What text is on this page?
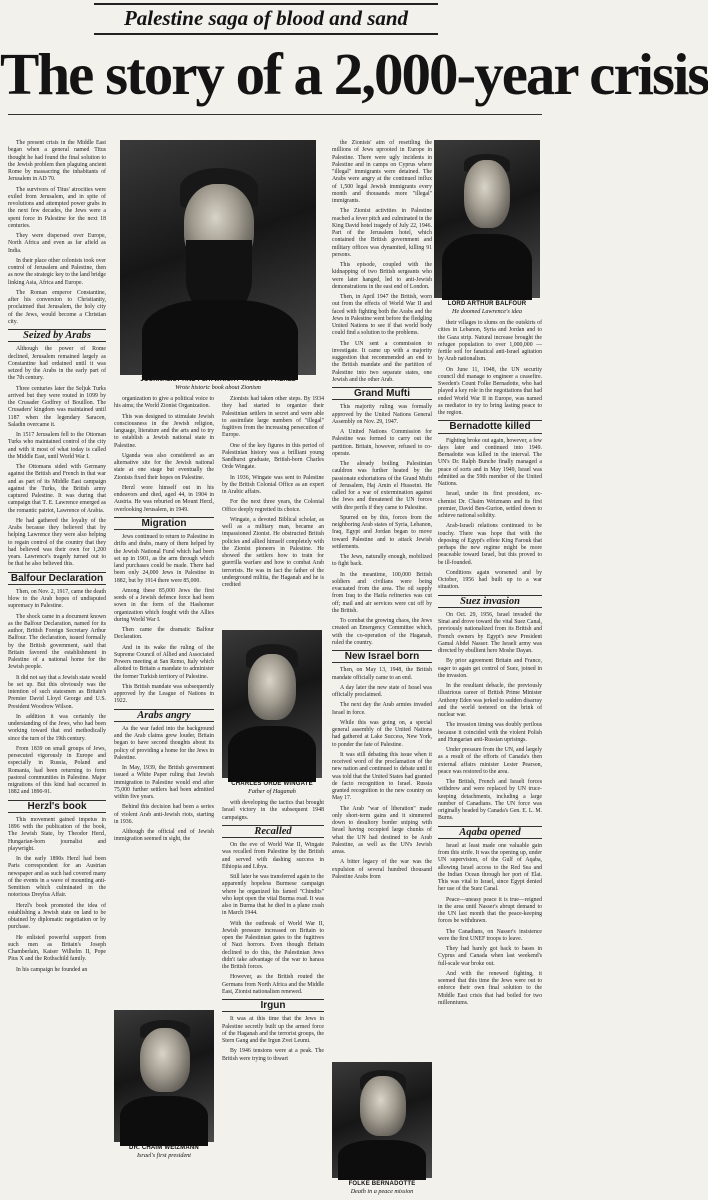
Palestine saga of blood and sand
The story of a 2,000-year crisis

The present crisis in the Middle East began when a general named Titus thought he had found the final solution to the Jewish problem then plaguing ancient Rome by massacring the inhabitants of Jerusalem in AD 70.

The survivors of Titus' atrocities were exiled from Jerusalem, and in spite of revolutions and attempted power grabs in the next few decades, the Jews were a spent force in Palestine for the next 18 centuries.

They were dispersed over Europe, North Africa and even as far afield as India.

In their place other colonists took over control of Jerusalem and Palestine, then as now the strategic key to the land bridge linking Asia, Africa and Europe.

The Roman emperor Constantine, after his conversion to Christianity, proclaimed that Jerusalem, the holy city of the Jews, would become a Christian city.

Seized by Arabs

Although the power of Rome declined, Jerusalem remained largely as Constantine had ordained until it was seized by the Arabs in the early part of the 7th century.

Three centuries later the Seljuk Turks arrived but they were routed in 1099 by the Crusader Godfrey of Bouillon. The Crusaders' kingdom was maintained until 1187 when the legendary Saracen, Saladin overcame it.

In 1517 Jerusalem fell to the Ottoman Turks who maintained control of the city and with it most of what today is called the Middle East, until World War I.

The Ottomans sided with Germany against the British and French in that war and as part of its Middle East campaign against the Turks, the British army captured Palestine. It was during that campaign that T. E. Lawrence emerged as the romantic patriot, Lawrence of Arabia.

He had gathered the loyalty of the Arabs because they believed that by helping Lawrence they were also helping to regain control of the country that they had believed was their own for 1,200 years. Lawrence's tragedy turned out to be that he also believed this.

Balfour Declaration

Then, on Nov. 2, 1917, came the death blow to the Arab hopes of undisputed supremacy in Palestine.

The shock came in a document known as the Balfour Declaration, named for its author, British Foreign Secretary Arthur Balfour. The declaration, issued formally by the British government, said that Britain favored the establishment in Palestine of a national home for the Jewish people.

It did not say that a Jewish state would be set up. But this obviously was the intention of such statesmen as Britain's Premier David Lloyd George and U.S. President Woodrow Wilson.

In addition it was certainly the understanding of the Jews, who had been working toward that end methodically since the turn of the 19th century.

From 1839 on small groups of Jews, persecuted vigorously in Europe and especially in Russia, Poland and Romania, had been returning to form pastoral communities in Palestine. Major migrations of this kind had occurred in 1882 and 1890-91.

Herzl's book

This movement gained impetus in 1896 with the publication of the book, The Jewish State, by Theodor Herzl, Hungarian-born journalist and playwright.

In the early 1890s Herzl had been Paris correspondent for an Austrian newspaper and as such had covered many of the events in a wave of mounting anti-Semitism which culminated in the notorious Dreyfus Affair.

Herzl's book promoted the idea of establishing a Jewish state on land to be obtained by diplomatic negotiation or by purchase.

He enlisted powerful support from such men as Britain's Joseph Chamberlain, Kaiser Wilhelm II, Pope Pius X and the Rothschild family.

In his campaign he founded an

JOURNALIST AND PLAYWRIGHT THEODOR HERZL
Wrote historic book about Zionism

organization to give a political voice to his aims; the World Zionist Organization.

This was designed to stimulate Jewish consciousness in the Jewish religion, language, literature and the arts and to try to establish a Jewish national state in Palestine.

Uganda was also considered as an alternative site for the Jewish national state at one stage but eventually the Zionists fixed their hopes on Palestine.

Herzl wore himself out in his endeavors and died, aged 44, in 1904 in Austria. He was reburied on Mount Herzl, overlooking Jerusalem, in 1949.

Migration

Jews continued to return to Palestine in drifts and drabs, many of them helped by the Jewish National Fund which had been set up in 1901, as the arm through which land purchases could be made. There had been only 24,000 Jews in Palestine in 1882, but by 1914 there were 85,000.

Among these 85,000 Jews the first seeds of a Jewish defence force had been sown in the form of the Hashomer organization which fought with the Allies during World War I.

Then came the dramatic Balfour Declaration.

And in its wake the ruling of the Supreme Council of Allied and Associated Powers meeting at San Remo, Italy which allotted to Britain a mandate to administer the former Turkish territory of Palestine.

This British mandate was subsequently approved by the League of Nations in 1922.

Arabs angry

As the war faded into the background and the Arab claims grew louder, Britain began to have second thoughts about its policy of providing a home for the Jews in Palestine.

In May, 1939, the British government issued a White Paper ruling that Jewish immigration to Palestine would end after 75,000 further settlers had been admitted within five years.

Behind this decision had been a series of violent Arab anti-Jewish riots, starting in 1936.

Although the official end of Jewish immigration seemed in sight, the

Zionists had taken other steps. By 1934 they had started to organize their Palestinian settlers in secret and were able to assimilate large numbers of "illegal" fugitives from the increasing persecution of Europe.

One of the key figures in this period of Palestinian history was a brilliant young Sandhurst graduate, British-born Charles Orde Wingate.

In 1936, Wingate was sent to Palestine by the British Colonial Office as an expert in Arabic affairs.

For the next three years, the Colonial Office deeply regretted its choice.

Wingate, a devoted Biblical scholar, as well as a military man, became an impassioned Zionist. He obstructed British policies and allied himself completely with the Zionist pioneers in Palestine. He showed the settlers how to train for guerrilla warfare and how to combat Arab terrorists. He was in fact the father of the underground militia, the Haganah and he is credited

CHARLES ORDE WINGATE
Father of Haganah

with developing the tactics that brought Israel victory in the subsequent 1948 campaigns.

Recalled

On the eve of World War II, Wingate was recalled from Palestine by the British and served with dashing success in Ethiopia and Libya.

Still later he was transferred again to the apparently hopeless Burmese campaign where he organized his famed "Chindits" who kept open the vital Burma road. It was also in Burma that he died in a plane crash in March 1944.

With the outbreak of World War II, Jewish pressure increased on Britain to open the Palestinian gates to the fugitives of Nazi horrors. Even though Britain declined to do this, the Palestinian Jews didn't take advantage of the war to harass the British forces.

However, as the British routed the Germans from North Africa and the Middle East, Zionist nationalism renewed.

Irgun

It was at this time that the Jews in Palestine secretly built up the armed force of the Haganah and the terrorist groups, the Stern Gang and the Irgun Zvei Leumi.

By 1946 tensions were at a peak. The British were trying to thwart

DR. CHAIM WEIZMANN
Israel's first president

the Zionists' aim of resettling the millions of Jews uprooted in Europe in Palestine. There were ugly incidents in Palestine and in camps on Cyprus where "illegal" immigrants were detained. The Arabs were angry at the continued influx of 1,500 legal Jewish immigrants every month and thousands more "illegal" immigrants.

The Zionist activities in Palestine reached a fever pitch and culminated in the King David hotel tragedy of July 22, 1946. Part of the Jerusalem hotel, which contained the British government and military offices was dynamited, killing 91 persons.

This episode, coupled with the kidnapping of two British sergeants who were later hanged, led to anti-Jewish demonstrations in the east end of London.

Then, in April 1947 the British, worn out from the effects of World War II and faced with fighting both the Arabs and the Jews in Palestine went before the fledgling United Nations to see if that world body could find a solution to the problems.

The UN sent a commission to investigate. It came up with a majority suggestion that recommended an end to the British mandate and the partition of Palestine into two separate states, one Jewish and the other Arab.

Grand Mufti

This majority ruling was formally approved by the United Nations General Assembly on Nov. 29, 1947.

A United Nations Commission for Palestine was formed to carry out the partition. Britain, however, refused to co-operate.

The already boiling Palestinian cauldron was further heated by the passionate exhortations of the Grand Mufti of Jerusalem, Haj Amin el Husseini. He called for a war of extermination against the Jews and threatened the UN forces with dire perils if they came to Palestine.

Spurred on by this, forces from the neighboring Arab states of Syria, Lebanon, Iraq, Egypt and Jordan began to move toward Palestine and to attack Jewish settlements.

The Jews, naturally enough, mobilized to fight back.

In the meantime, 100,000 British soldiers and civilians were being evacuated from the area. The oil supply from Iraq to the Haifa refineries was cut off; mail and air services were cut off by the British.

To combat the growing chaos, the Jews created an Emergency Committee which, with the co-operation of the Haganah, ruled the country.

New Israel born

Then, on May 13, 1948, the British mandate officially came to an end.

A day later the new state of Israel was officially proclaimed.

The next day the Arab armies invaded Israel in force.

While this was going on, a special general assembly of the United Nations had gathered at Lake Success, New York, to ponder the fate of Palestine.

It was still debating this issue when it received word of the proclamation of the new nation and continued to debate until it was told that the United States had granted de facto recognition to Israel. Russia granted recognition to the new country on May 17.

The Arab "war of liberation" made only short-term gains and it simmered down to desultory border sniping with Israel having occupied large chunks of what the UN had destined to be Arab Palestine, as well as the UN's Jewish areas.

A bitter legacy of the war was the expulsion of several hundred thousand Palestine Arabs from

FOLKE BERNADOTTE
Death in a peace mission
LORD ARTHUR BALFOUR
He doomed Lawrence's idea

their villages to slums on the outskirts of cities in Lebanon, Syria and Jordan and to the Gaza strip. Natural increase brought the refugee population to over 1,000,000 — fertile soil for fanatical anti-Israel agitation by Arab nationalism.

On June 11, 1948, the UN security council did manage to engineer a ceasefire. Sweden's Count Folke Bernadotte, who had played a key role in the negotiations that had ended World War II in Europe, was named as mediator to try to bring lasting peace to the region.

Bernadotte killed

Fighting broke out again, however, a few days later and continued into 1949. Bernadotte was killed in the interval. The UN's Dr. Ralph Bunche finally managed a peace of sorts and in May 1949, Israel was admitted as the 59th member of the United Nations.

Israel, under its first president, ex-chemist Dr. Chaim Weizmann and its first premier, David Ben-Gurion, settled down to achieve national solidity.

Arab-Israeli relations continued to be touchy. There was hope that with the deposing of Egypt's effete King Farouk that perhaps the new regime might be more peaceable toward Israel, but this proved to be ill-founded.

Conditions again worsened and by October, 1956 had built up to a war situation.

Suez invasion

On Oct. 29, 1956, Israel invaded the Sinai and drove toward the vital Suez Canal, previously nationalized from its British and French owners by Egypt's new President Gamal Abdel Nasser. The Israeli army was directed by ebullient hero Moshe Dayan.

By prior agreement Britain and France, eager to again get control of Suez, joined in the invasion.

In the resultant debacle, the previously illustrious career of British Prime Minister Anthony Eden was jerked to sudden disarray and the world teetered on the brink of nuclear war.

The invasion timing was doubly perilous because it coincided with the violent Polish and Hungarian anti-Russian uprisings.

Under pressure from the UN, and largely as a result of the efforts of Canada's then external affairs minister Lester Pearson, peace was restored to the area.

The British, French and Israeli forces withdrew and were replaced by UN truce-keeping detachments, including a large number of Canadians. The UN force was originally headed by Canada's Gen. E. L. M. Burns.

Aqaba opened

Israel at least made one valuable gain from this strife. It was the opening up, under UN supervision, of the Gulf of Aqaba, allowing Israel access to the Red Sea and the Indian Ocean through her port of Elat. This was vital to Israel, since Egypt denied her use of the Suez Canal.

Peace—uneasy peace it is true—reigned in the area until Nasser's abrupt demand to the UN last month that the peace-keeping forces be withdrawn.

The Canadians, on Nasser's insistence were the first UNEF troops to leave.

They had barely got back to bases in Cyprus and Canada when last weekend's full-scale war broke out.

And with the renewed fighting, it seemed that this time the Jews were out to enforce their own final solution to the Middle East crisis that had boiled for two millenniums.
